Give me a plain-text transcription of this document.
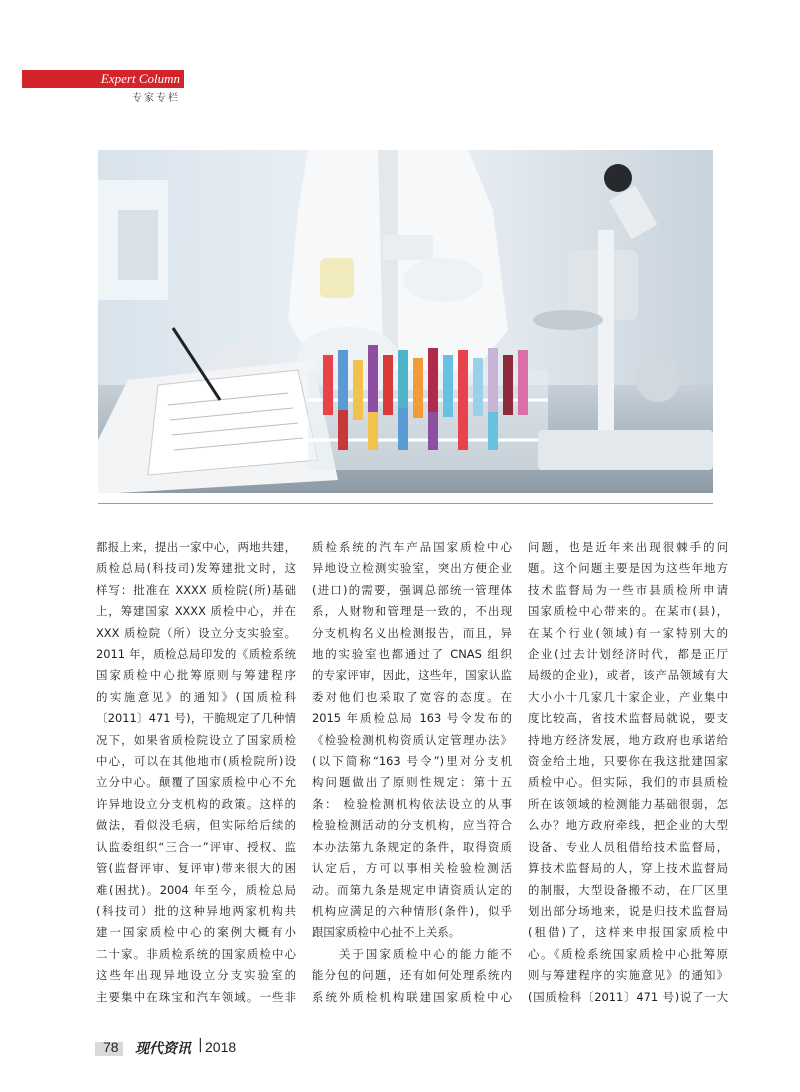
Expert Column
专家专栏

都报上来，提出一家中心，两地共建，

质检总局(科技司)发筹建批文时，这

样写：批准在 XXXX 质检院(所)基础

上，筹建国家 XXXX 质检中心，并在

XXX 质检院（所）设立分支实验室。

2011 年，质检总局印发的《质检系统

国家质检中心批筹原则与筹建程序

的实施意见》的通知》(国质检科

〔2011〕471 号)，干脆规定了几种情

况下，如果省质检院设立了国家质检

中心，可以在其他地市(质检院所)设

立分中心。颠覆了国家质检中心不允

许异地设立分支机构的政策。这样的

做法，看似没毛病，但实际给后续的

认监委组织“三合一”评审、授权、监

管(监督评审、复评审)带来很大的困

难(困扰)。2004 年至今，质检总局

(科技司）批的这种异地两家机构共

建一国家质检中心的案例大概有小

二十家。非质检系统的国家质检中心

这些年出现异地设立分支实验室的

主要集中在珠宝和汽车领域。一些非

质检系统的汽车产品国家质检中心

异地设立检测实验室，突出方便企业

(进口)的需要，强调总部统一管理体

系，人财物和管理是一致的，不出现

分支机构名义出检测报告，而且，异

地的实验室也都通过了 CNAS 组织

的专家评审，因此，这些年，国家认监

委对他们也采取了宽容的态度。在

2015 年质检总局 163 号令发布的

《检验检测机构资质认定管理办法》

(以下简称“163 号令”)里对分支机

构问题做出了原则性规定：第十五

条： 检验检测机构依法设立的从事

检验检测活动的分支机构，应当符合

本办法第九条规定的条件，取得资质

认定后，方可以事相关检验检测活

动。而第九条是规定申请资质认定的

机构应满足的六种情形(条件)，似乎

跟国家质检中心扯不上关系。

　　关于国家质检中心的能力能不

能分包的问题，还有如何处理系统内

系统外质检机构联建国家质检中心

问题，也是近年来出现很棘手的问

题。这个问题主要是因为这些年地方

技术监督局为一些市县质检所申请

国家质检中心带来的。在某市(县)，

在某个行业(领域)有一家特别大的

企业(过去计划经济时代，都是正厅

局级的企业)，或者，该产品领域有大

大小小十几家几十家企业，产业集中

度比较高，省技术监督局就说，要支

持地方经济发展，地方政府也承诺给

资金给土地，只要你在我这批建国家

质检中心。但实际，我们的市县质检

所在该领域的检测能力基础很弱，怎

么办？地方政府牵线，把企业的大型

设备、专业人员租借给技术监督局，

算技术监督局的人，穿上技术监督局

的制服，大型设备搬不动，在厂区里

划出部分场地来，说是归技术监督局

(租借)了，这样来申报国家质检中

心。《质检系统国家质检中心批筹原

则与筹建程序的实施意见》的通知》

(国质检科〔2011〕471 号)说了一大

78 现代资讯 | 2018
